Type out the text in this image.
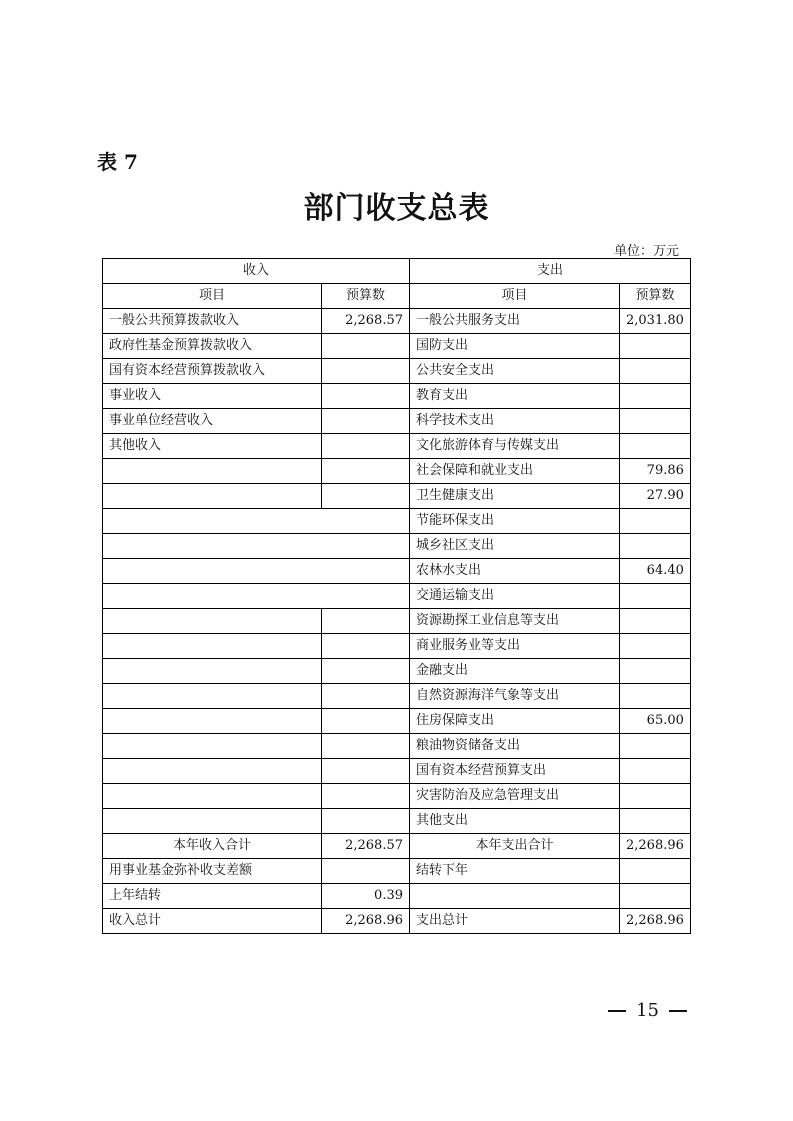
表 7
部门收支总表
单位：万元
收入		支出	
项目	预算数	项目	预算数
一般公共预算拨款收入	2,268.57	一般公共服务支出	2,031.80
政府性基金预算拨款收入		国防支出	
国有资本经营预算拨款收入		公共安全支出	
事业收入		教育支出	
事业单位经营收入		科学技术支出	
其他收入		文化旅游体育与传媒支出	
		社会保障和就业支出	79.86
		卫生健康支出	27.90
		节能环保支出	
		城乡社区支出	
		农林水支出	64.40
		交通运输支出	
		资源勘探工业信息等支出	
		商业服务业等支出	
		金融支出	
		自然资源海洋气象等支出	
		住房保障支出	65.00
		粮油物资储备支出	
		国有资本经营预算支出	
		灾害防治及应急管理支出	
		其他支出	
本年收入合计	2,268.57	本年支出合计	2,268.96
用事业基金弥补收支差额		结转下年	
上年结转	0.39		
收入总计	2,268.96	支出总计	2,268.96
15
